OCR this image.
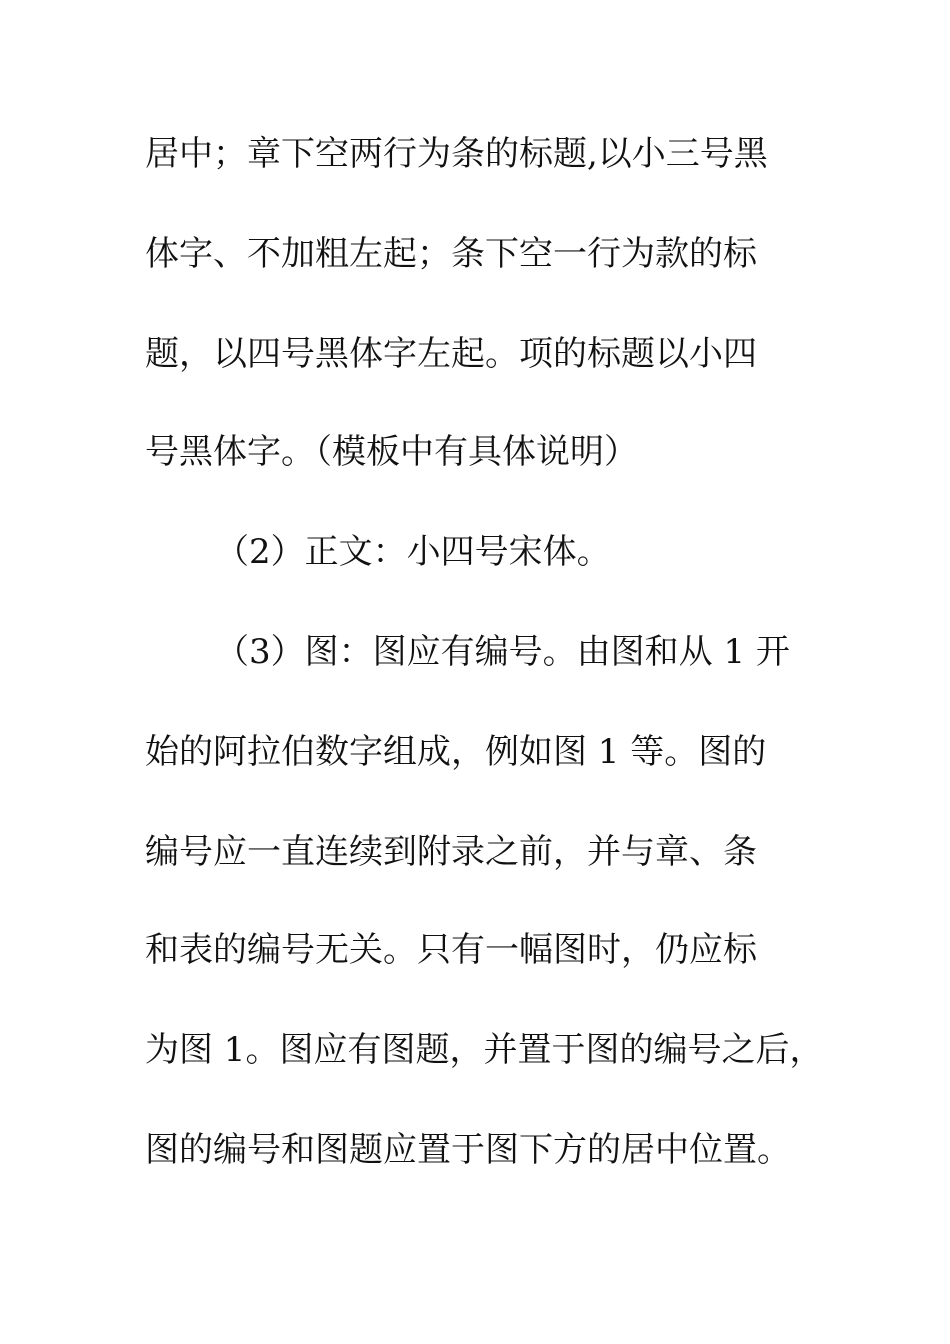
居中；章下空两行为条的标题,以小三号黑
体字、不加粗左起；条下空一行为款的标
题，以四号黑体字左起。项的标题以小四
号黑体字。（模板中有具体说明）
（2）正文：小四号宋体。
（3）图：图应有编号。由图和从 1 开
始的阿拉伯数字组成，例如图 1 等。图的
编号应一直连续到附录之前，并与章、条
和表的编号无关。只有一幅图时，仍应标
为图 1。图应有图题，并置于图的编号之后，
图的编号和图题应置于图下方的居中位置。
